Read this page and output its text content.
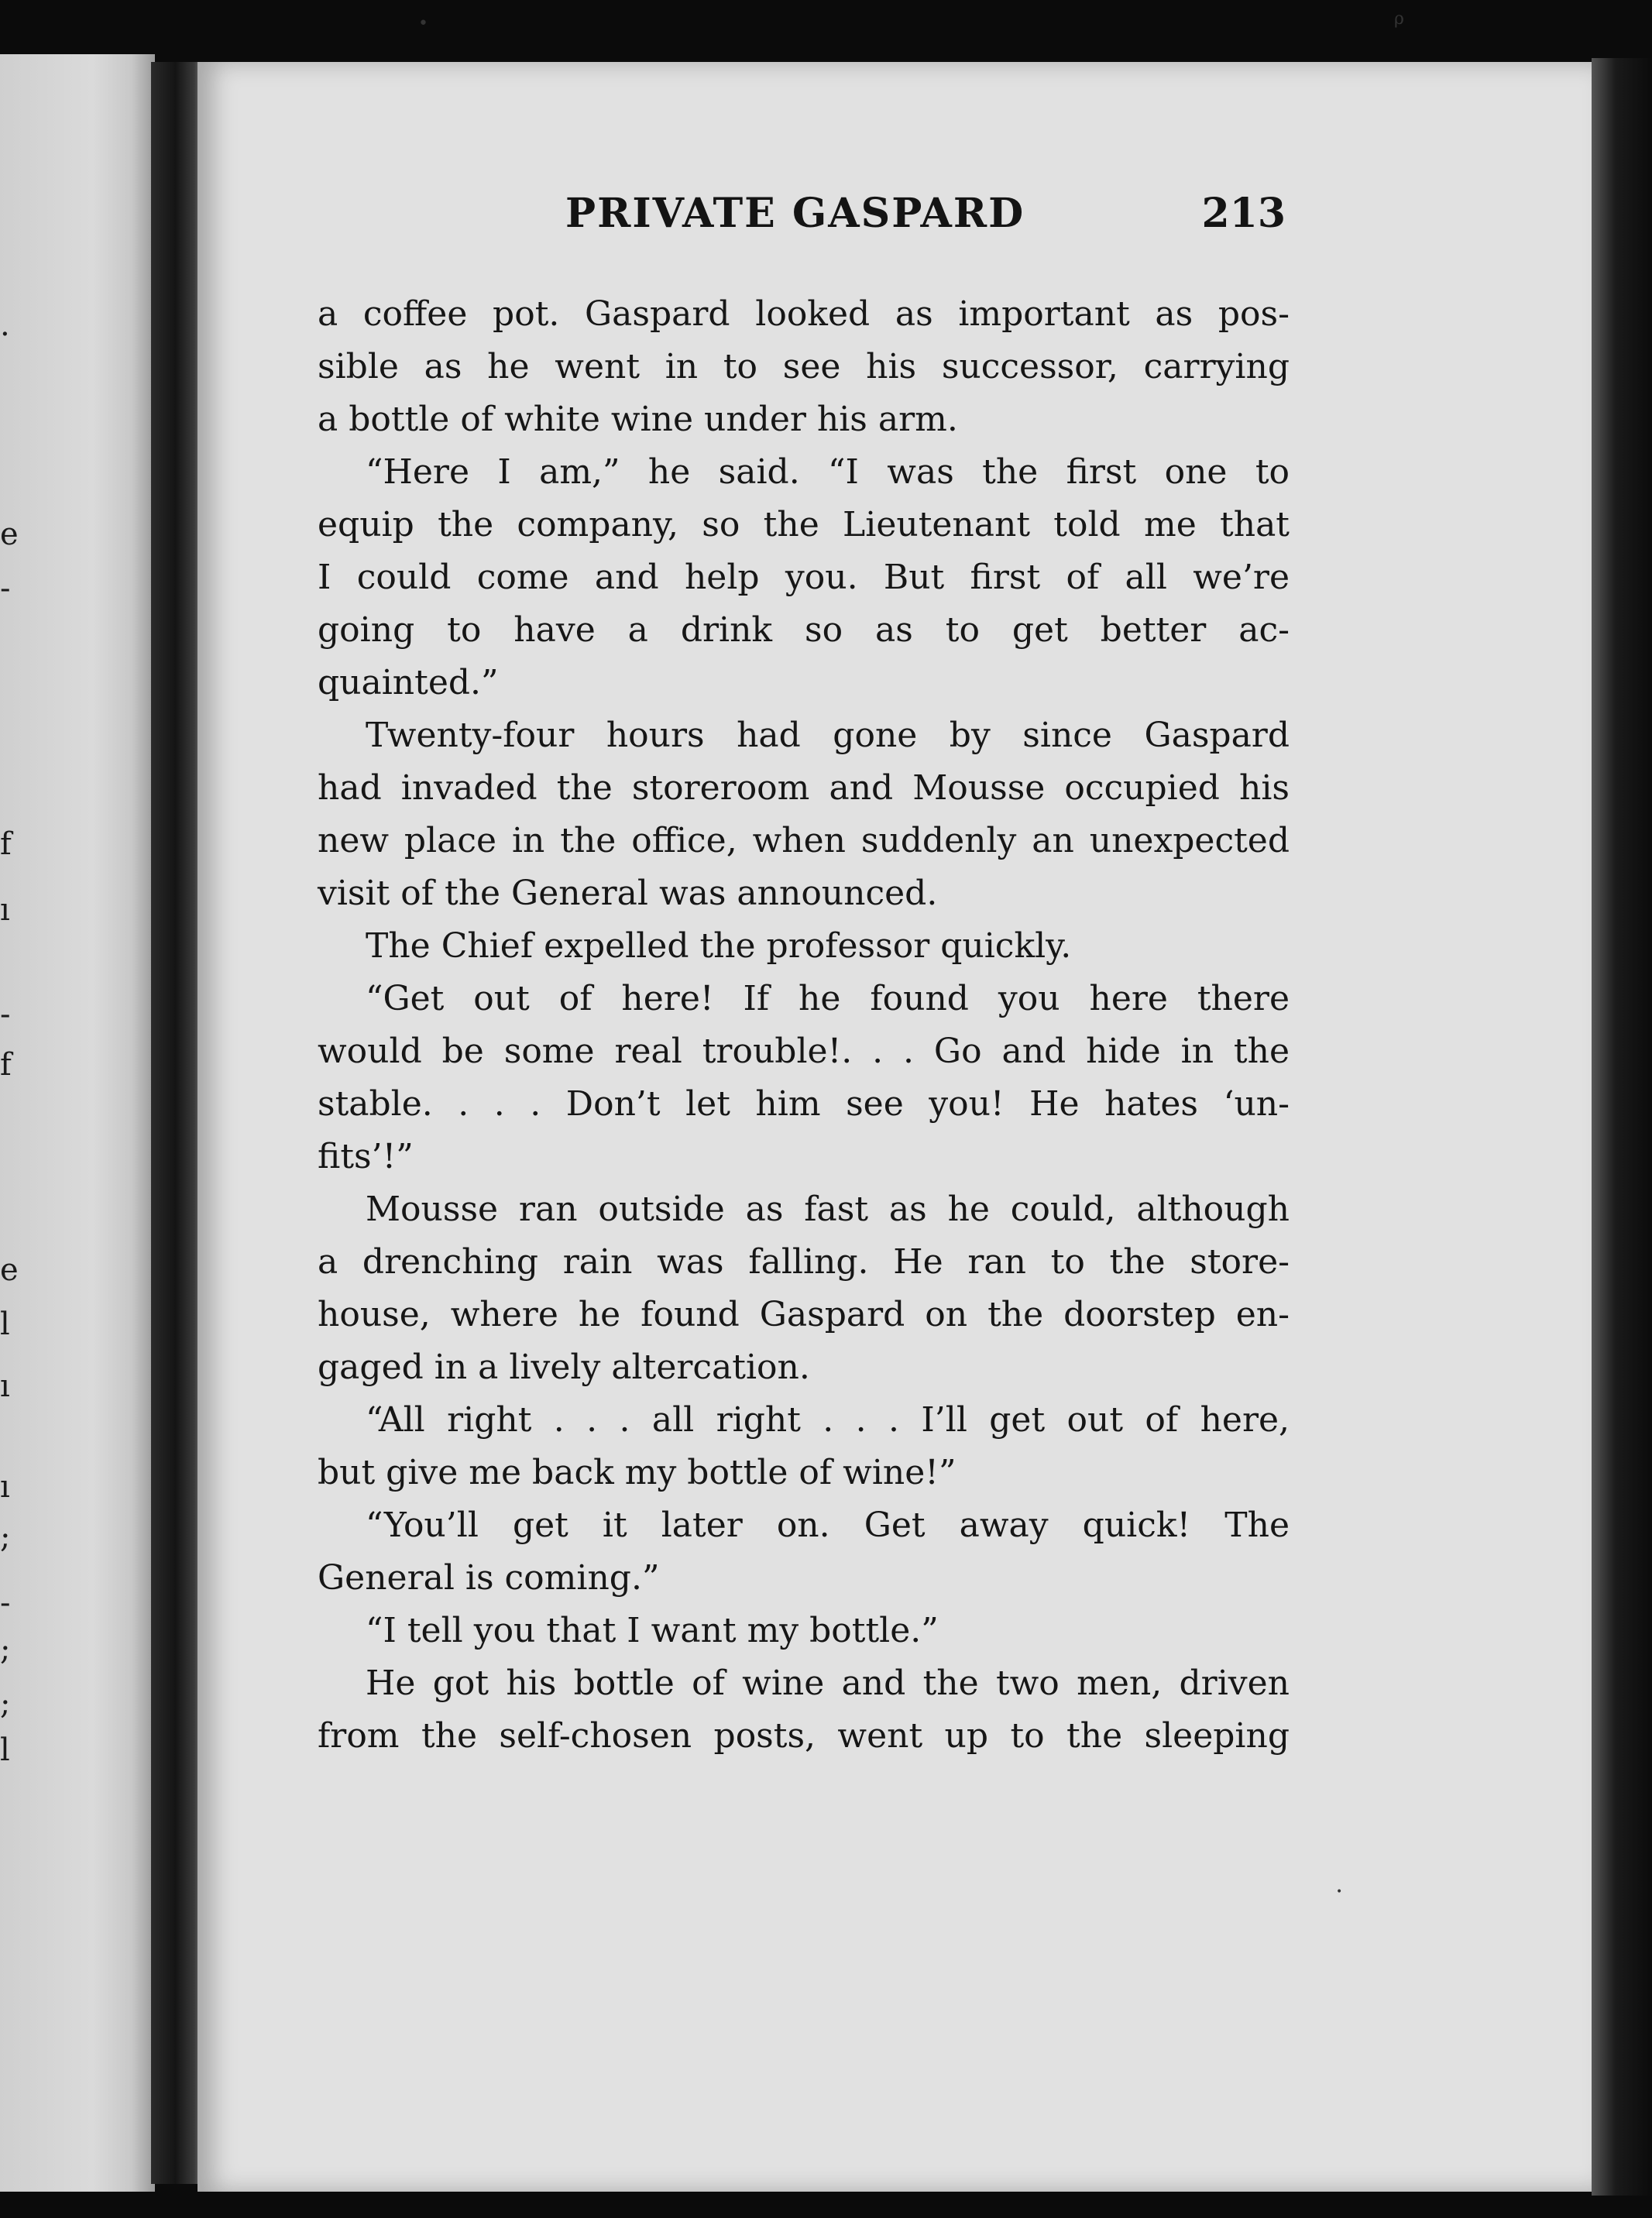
.
e
-
f
ı
-
f
e
l
ı
ı
;
-
;
;
l
PRIVATE GASPARD	213
a coffee pot. Gaspard looked as important as pos-
sible as he went in to see his successor, carrying
a bottle of white wine under his arm.
“Here I am,” he said. “I was the first one to
equip the company, so the Lieutenant told me that
I could come and help you. But first of all we’re
going to have a drink so as to get better ac-
quainted.”
Twenty-four hours had gone by since Gaspard
had invaded the storeroom and Mousse occupied his
new place in the office, when suddenly an unexpected
visit of the General was announced.
The Chief expelled the professor quickly.
“Get out of here! If he found you here there
would be some real trouble!. . . Go and hide in the
stable. . . . Don’t let him see you! He hates ‘un-
fits’!”
Mousse ran outside as fast as he could, although
a drenching rain was falling. He ran to the store-
house, where he found Gaspard on the doorstep en-
gaged in a lively altercation.
“All right . . . all right . . . I’ll get out of here,
but give me back my bottle of wine!”
“You’ll get it later on. Get away quick! The
General is coming.”
“I tell you that I want my bottle.”
He got his bottle of wine and the two men, driven
from the self-chosen posts, went up to the sleeping
•	ρ
•
